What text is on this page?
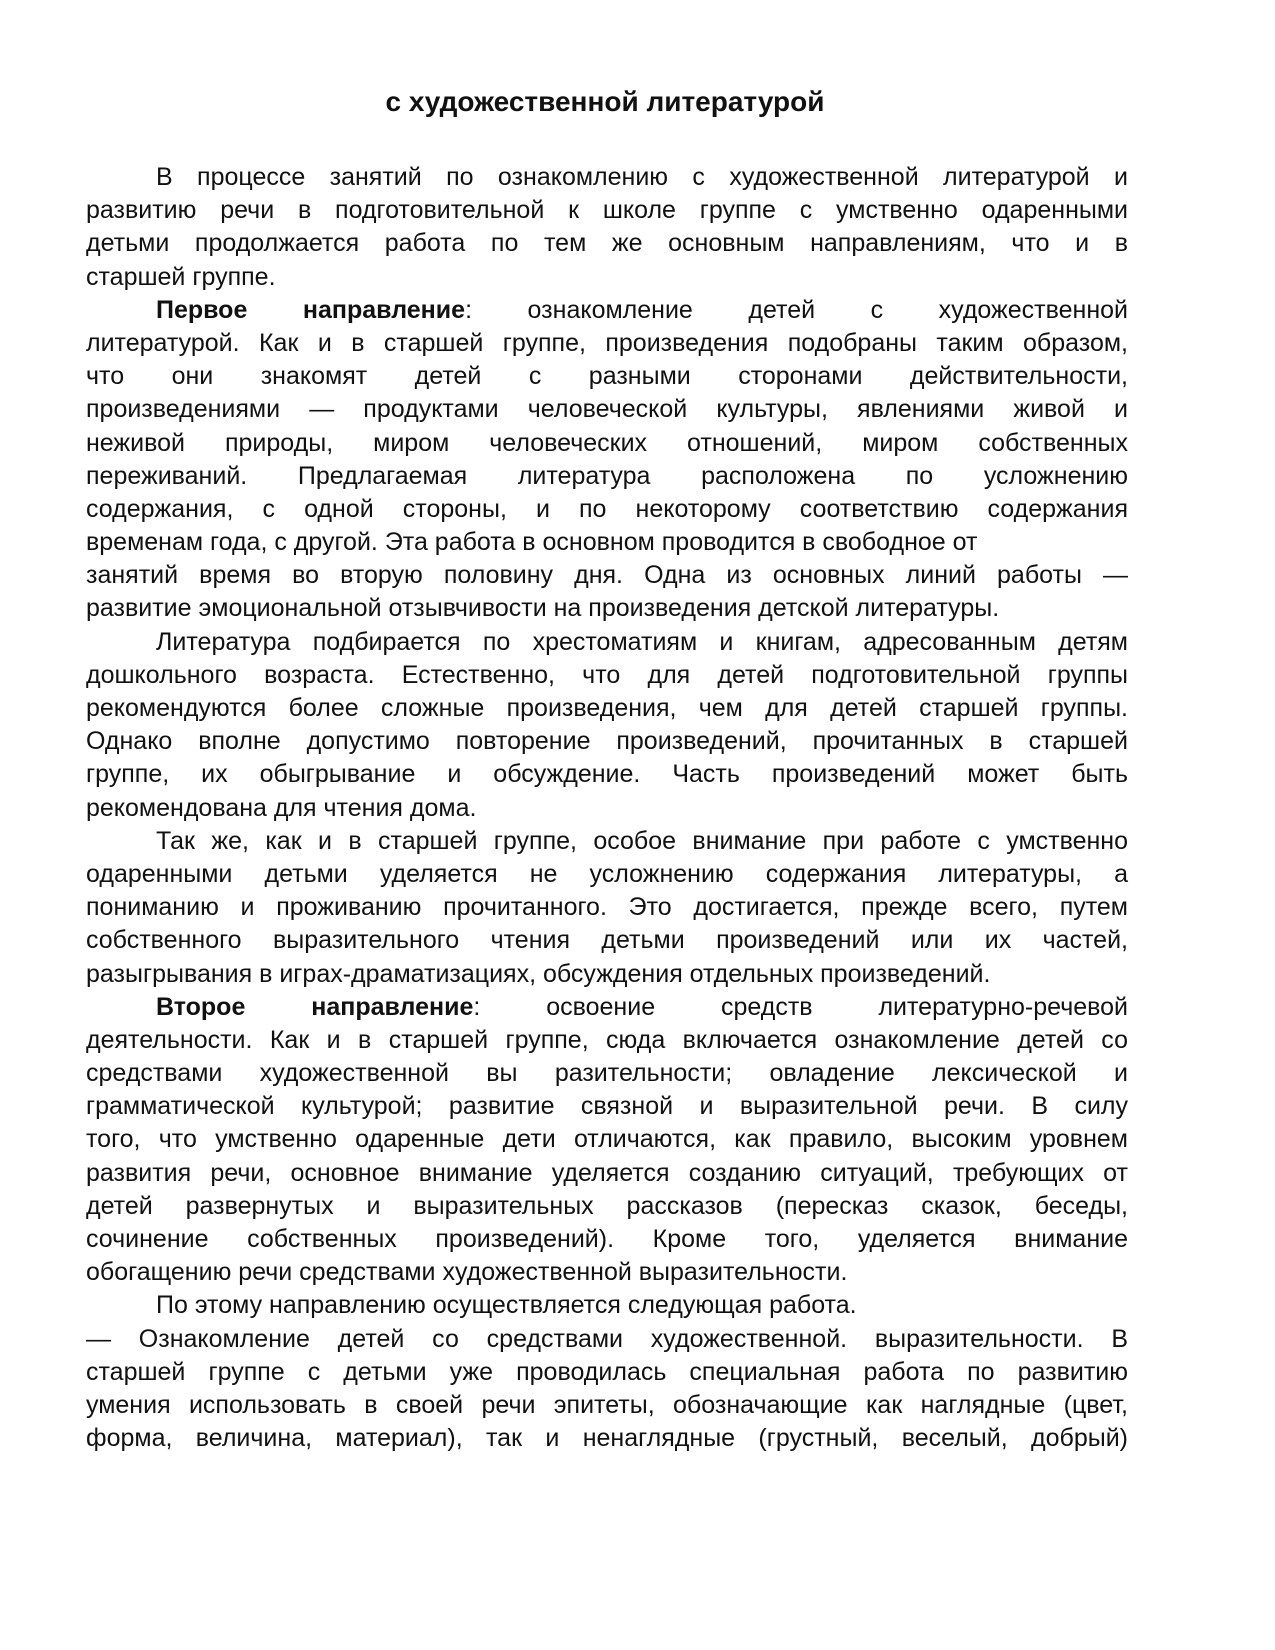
с художественной литературой
В процессе занятий по ознакомлению с художественной литературой и
развитию речи в подготовительной к школе группе с умственно одаренными
детьми продолжается работа по тем же основным направлениям, что и в
старшей группе.
Первое направление: ознакомление детей с художественной
литературой. Как и в старшей группе, произведения подобраны таким образом,
что они знакомят детей с разными сторонами действительности,
произведениями — продуктами человеческой культуры, явлениями живой и
неживой природы, миром человеческих отношений, миром собственных
переживаний. Предлагаемая литература расположена по усложнению
содержания, с одной стороны, и по некоторому соответствию содержания
временам года, с другой. Эта работа в основном проводится в свободное от
занятий время во вторую половину дня. Одна из основных линий работы —
развитие эмоциональной отзывчивости на произведения детской литературы.
Литература подбирается по хрестоматиям и книгам, адресованным детям
дошкольного возраста. Естественно, что для детей подготовительной группы
рекомендуются более сложные произведения, чем для детей старшей группы.
Однако вполне допустимо повторение произведений, прочитанных в старшей
группе, их обыгрывание и обсуждение. Часть произведений может быть
рекомендована для чтения дома.
Так же, как и в старшей группе, особое внимание при работе с умственно
одаренными детьми уделяется не усложнению содержания литературы, а
пониманию и проживанию прочитанного. Это достигается, прежде всего, путем
собственного выразительного чтения детьми произведений или их частей,
разыгрывания в играх-драматизациях, обсуждения отдельных произведений.
Второе направление: освоение средств литературно-речевой
деятельности. Как и в старшей группе, сюда включается ознакомление детей со
средствами художественной вы разительности; овладение лексической и
грамматической культурой; развитие связной и выразительной речи. В силу
того, что умственно одаренные дети отличаются, как правило, высоким уровнем
развития речи, основное внимание уделяется созданию ситуаций, требующих от
детей развернутых и выразительных рассказов (пересказ сказок, беседы,
сочинение собственных произведений). Кроме того, уделяется внимание
обогащению речи средствами художественной выразительности.
По этому направлению осуществляется следующая работа.
— Ознакомление детей со средствами художественной. выразительности. В
старшей группе с детьми уже проводилась специальная работа по развитию
умения использовать в своей речи эпитеты, обозначающие как наглядные (цвет,
форма, величина, материал), так и ненаглядные (грустный, веселый, добрый)
